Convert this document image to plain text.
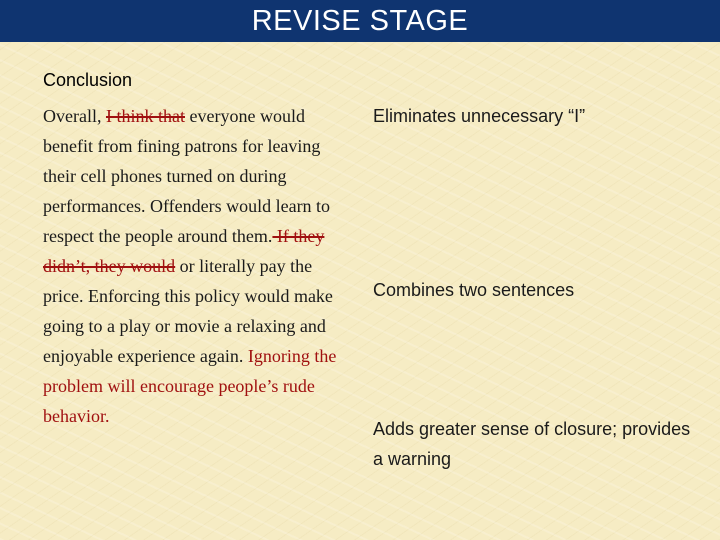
REVISE STAGE
Conclusion
Overall, I think that everyone would benefit from fining patrons for leaving their cell phones turned on during performances. Offenders would learn to respect the people around them. If they didn’t, they would or literally pay the price. Enforcing this policy would make going to a play or movie a relaxing and enjoyable experience again. Ignoring the problem will encourage people’s rude behavior.
Eliminates unnecessary “I”
Combines two sentences
Adds greater sense of closure; provides a warning
